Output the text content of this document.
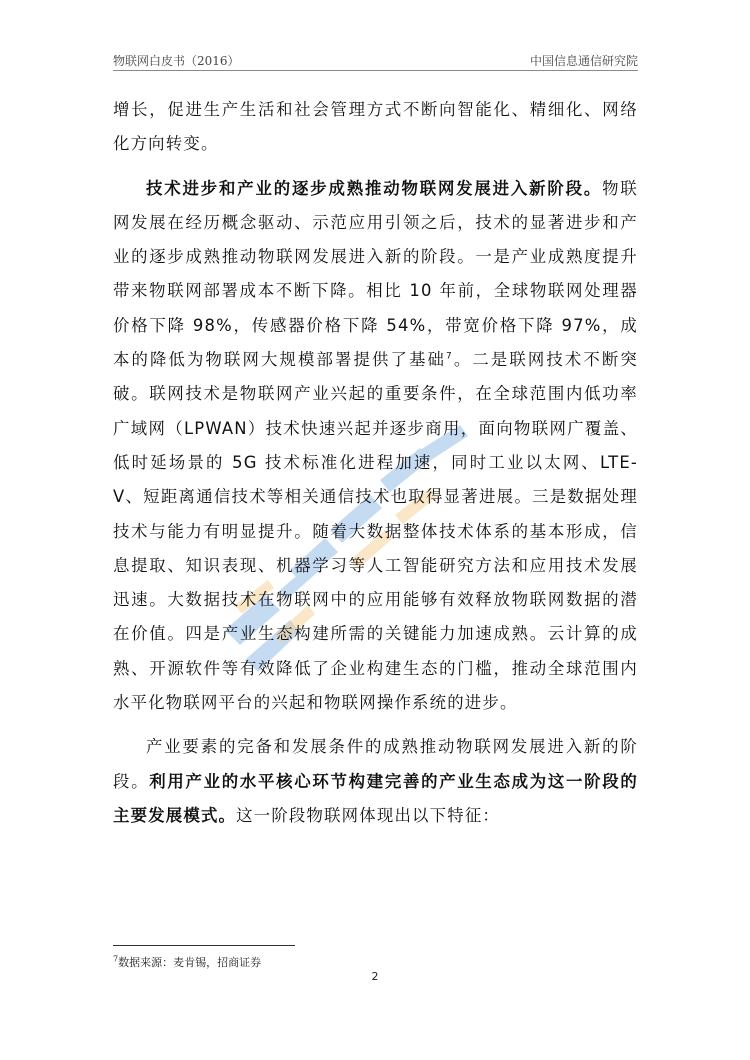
物联网白皮书（2016）	中国信息通信研究院

增长，促进生产生活和社会管理方式不断向智能化、精细化、网络化方向转变。

技术进步和产业的逐步成熟推动物联网发展进入新阶段。物联网发展在经历概念驱动、示范应用引领之后，技术的显著进步和产业的逐步成熟推动物联网发展进入新的阶段。一是产业成熟度提升带来物联网部署成本不断下降。相比 10 年前，全球物联网处理器价格下降 98%，传感器价格下降 54%，带宽价格下降 97%，成本的降低为物联网大规模部署提供了基础$^7$。二是联网技术不断突破。联网技术是物联网产业兴起的重要条件，在全球范围内低功率广域网（LPWAN）技术快速兴起并逐步商用，面向物联网广覆盖、低时延场景的 5G 技术标准化进程加速，同时工业以太网、LTE-V、短距离通信技术等相关通信技术也取得显著进展。三是数据处理技术与能力有明显提升。随着大数据整体技术体系的基本形成，信息提取、知识表现、机器学习等人工智能研究方法和应用技术发展迅速。大数据技术在物联网中的应用能够有效释放物联网数据的潜在价值。四是产业生态构建所需的关键能力加速成熟。云计算的成熟、开源软件等有效降低了企业构建生态的门槛，推动全球范围内水平化物联网平台的兴起和物联网操作系统的进步。

产业要素的完备和发展条件的成熟推动物联网发展进入新的阶段。利用产业的水平核心环节构建完善的产业生态成为这一阶段的主要发展模式。这一阶段物联网体现出以下特征：

$^7$数据来源：麦肯锡，招商证券
2
